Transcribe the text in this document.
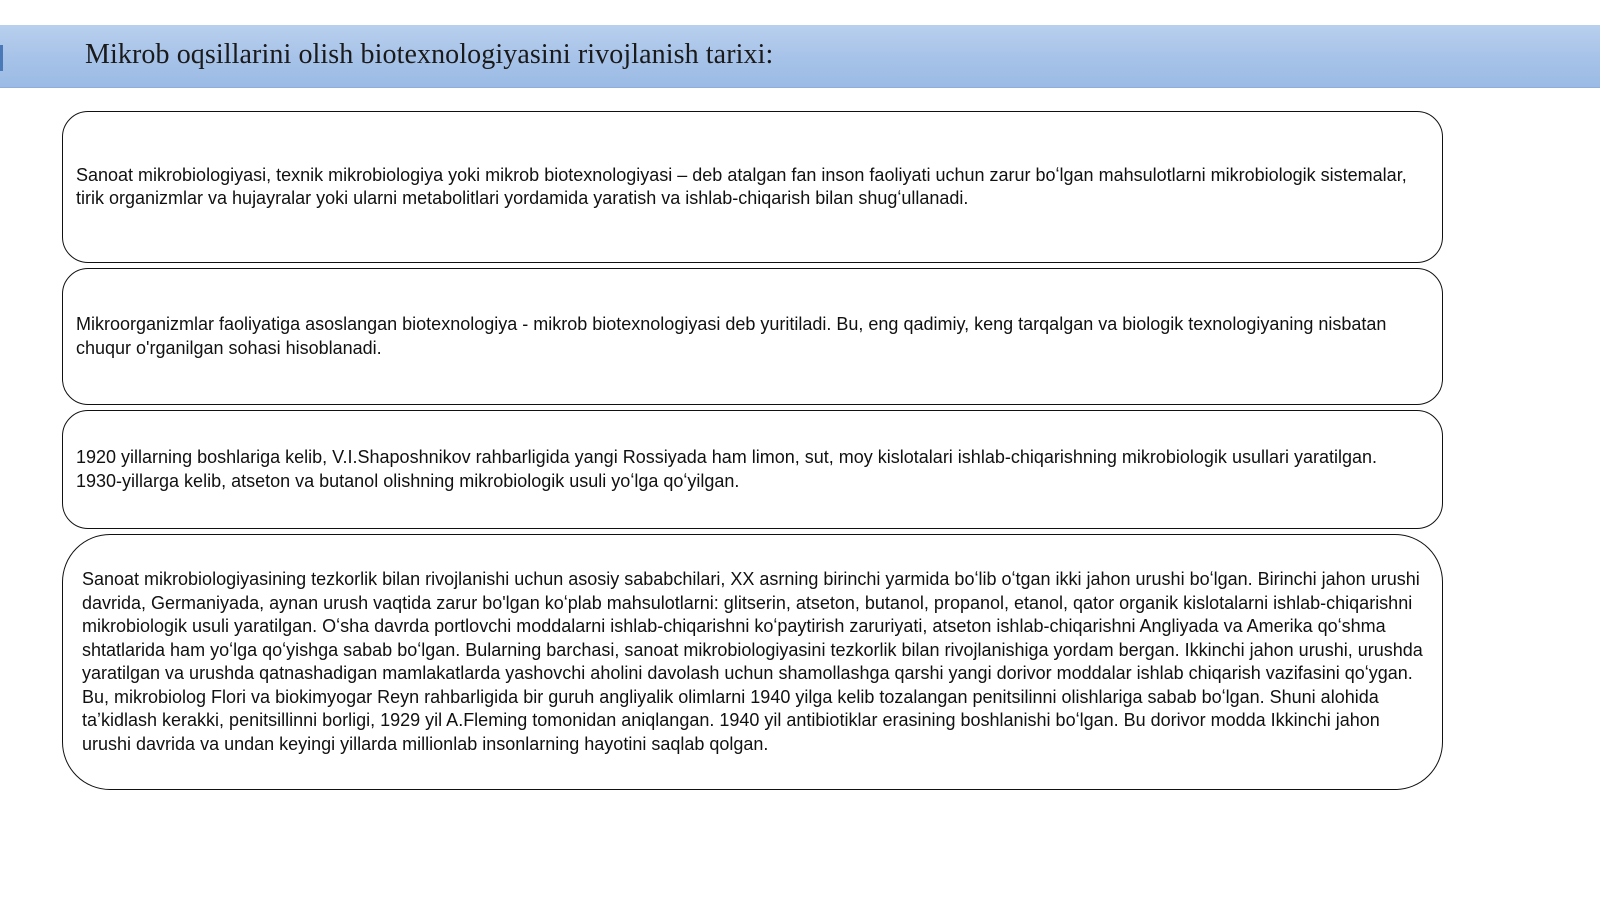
Mikrob oqsillarini olish biotexnologiyasini rivojlanish tarixi:
Sanoat mikrobiologiyasi, texnik mikrobiologiya yoki mikrob biotexnologiyasi – deb atalgan fan inson faoliyati uchun zarur boʻlgan mahsulotlarni mikrobiologik sistemalar, tirik organizmlar va hujayralar yoki ularni metabolitlari yordamida yaratish va ishlab-chiqarish bilan shugʻullanadi.
Mikroorganizmlar faoliyatiga asoslangan biotexnologiya - mikrob biotexnologiyasi deb yuritiladi. Bu, eng qadimiy, keng tarqalgan va biologik texnologiyaning nisbatan chuqur o'rganilgan sohasi hisoblanadi.
1920 yillarning boshlariga kelib, V.I.Shaposhnikov rahbarligida yangi Rossiyada ham limon, sut, moy kislotalari ishlab-chiqarishning mikrobiologik usullari yaratilgan. 1930-yillarga kelib, atseton va butanol olishning mikrobiologik usuli yoʻlga qoʻyilgan.
Sanoat mikrobiologiyasining tezkorlik bilan rivojlanishi uchun asosiy sababchilari, XX asrning birinchi yarmida boʻlib oʻtgan ikki jahon urushi boʻlgan. Birinchi jahon urushi davrida, Germaniyada, aynan urush vaqtida zarur bo'lgan koʻplab mahsulotlarni: glitserin, atseton, butanol, propanol, etanol, qator organik kislotalarni ishlab-chiqarishni mikrobiologik usuli yaratilgan. Oʻsha davrda portlovchi moddalarni ishlab-chiqarishni koʻpaytirish zaruriyati, atseton ishlab-chiqarishni Angliyada va Amerika qoʻshma shtatlarida ham yoʻlga qoʻyishga sabab boʻlgan. Bularning barchasi, sanoat mikrobiologiyasini tezkorlik bilan rivojlanishiga yordam bergan. Ikkinchi jahon urushi, urushda yaratilgan va urushda qatnashadigan mamlakatlarda yashovchi aholini davolash uchun shamollashga qarshi yangi dorivor moddalar ishlab chiqarish vazifasini qoʻygan. Bu, mikrobiolog Flori va biokimyogar Reyn rahbarligida bir guruh angliyalik olimlarni 1940 yilga kelib tozalangan penitsilinni olishlariga sabab boʻlgan. Shuni alohida taʼkidlash kerakki, penitsillinni borligi, 1929 yil A.Fleming tomonidan aniqlangan. 1940 yil antibiotiklar erasining boshlanishi boʻlgan. Bu dorivor modda Ikkinchi jahon urushi davrida va undan keyingi yillarda millionlab insonlarning hayotini saqlab qolgan.
